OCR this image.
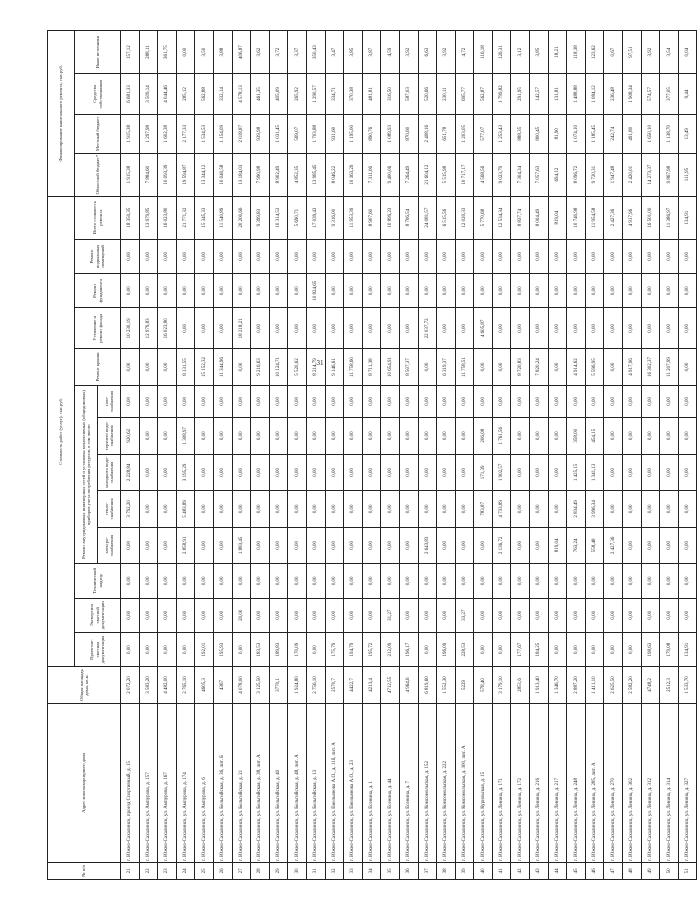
31
№ п/п	Адрес многоквартирного дома	Общая площадь дома, кв.м.	Стоимость работ (услуг), тыс.руб.													Финансирование капитального ремонта, тыс.руб.			
			Проектно-сметная документация	Экспертиза сметной документации	Технический надзор	Ремонт внутридомовых инженерных сетей и установка коллективных (общедомовых) приборов учета потребления ресурсов, в том числе:					Ремонт крыши	Утепление и ремонт фасада	Ремонт фундамента	Ремонт подвальных помещений	Всего стоимость ремонта	Областной бюджет*	Местный бюджет	Средства собственников	Иные источники
						электро-снабжения	тепло-снабжения	холодного водо-снабжения	горячего водо-снабжения	газо-снабжения									
21	г. Южно-Сахалинск, проезд Спортивный, д. 15	2 072,20	0,00	0,00	0,00	0,00	3 792,20	2 228,84	920,62	0,00	0,00	10 230,19	0,00	0,00	18 350,35	1 915,38	1 915,38	6 681,33	157,12
22	г. Южно-Сахалинск, ул. Ампурова, д. 157	3 583,20	0,00	0,00	0,00	0,00	0,00	0,00	0,00	0,00	0,00	12 979,83	0,00	0,00	13 979,85	7 884,60	1 297,98	3 509,14	288,11
23	г. Южно-Сахалинск, ул. Ампурова, д. 167	4 482,00	0,00	0,00	0,00	0,00	0,00	0,00	0,00	0,00	0,00	16 023,80	0,00	0,00	16 023,80	10 093,39	1 602,38	4 044,46	361,75
24	г. Южно-Сахалинск, ул. Ампурова, д. 174	2 765,10	0,00	0,00	0,00	2 858,91	5 483,89	3 195,29	1 308,97	0,00	8 131,55	0,00	0,00	0,00	21 771,32	19 594,87	2 177,33	285,12	0,00
25	г. Южно-Сахалинск, ул. Ампурова, д. 6	4605,3	192,01	0,00	0,00	0,00	0,00	0,00	0,00	0,00	15 152,32	0,00	0,00	0,00	15 345,33	13 344,12	1 534,53	562,88	3,50
26	г. Южно-Сахалинск, ул. Бельгийская, д. 36, лит. Б	4367	195,93	0,00	0,00	0,00	0,00	0,00	0,00	0,00	11 344,96	0,00	0,00	0,00	11 540,89	10 040,58	1 154,09	332,14	3,88
27	г. Южно-Сахалинск, ул. Бельгийская, д. 21	4 078,00	0,00	20,00	0,00	1 883,45	0,00	0,00	0,00	0,00	0,00	18 218,21	0,00	0,00	20 200,66	13 184,03	2 018,87	4 578,13	406,87
28	г. Южно-Сахалинск, ул. Бельгийская, д. 38, лит. А	3 125,50	183,53	0,00	0,00	0,00	0,00	0,00	0,00	0,00	9 216,63	0,00	0,00	0,00	9 399,83	7 990,98	939,98	461,35	3,62
29	г. Южно-Сахалинск, ул. Бельгийская, д. 40	3770,1	189,83	0,00	0,00	0,00	0,00	0,00	0,00	0,00	10 124,71	0,00	0,00	0,00	10 314,53	8 902,49	1 031,45	405,09	3,72
30	г. Южно-Сахалинск, ул. Бельгийская, д. 48, лит. А	1 924,80	170,09	0,00	0,00	0,00	0,00	0,00	0,00	0,00	5 520,62	0,00	0,00	0,00	5 690,71	4 852,35	569,07	265,92	3,37
31	г. Южно-Сахалинск, ул. Бельгийская, д. 13	2 756,10	0,00	0,00	0,00	0,00	0,00	0,00	0,00	0,00	8 214,79	0,00	10 824,65	0,00	17 039,43	13 985,45	1 703,88	1 290,57	350,43
32	г. Южно-Сахалинск, ул. Емельянова А.О., д. 11б, лит. А	2570,7	175,79	0,00	0,00	0,00	0,00	0,00	0,00	0,00	9 146,61	0,00	0,00	0,00	9 316,00	8 046,22	931,60	334,71	3,47
33	г. Южно-Сахалинск, ул. Емельянова А.О., д. 23	4422,7	194,79	0,00	0,00	0,00	0,00	0,00	0,00	0,00	11 758,60	0,00	0,00	0,00	11 953,39	10 363,29	1 195,00	370,38	3,85
34	г. Южно-Сахалинск, ул. Есенина, д. 1	4213,4	195,72	0,00	0,00	0,00	0,00	0,00	0,00	0,00	8 711,38	0,00	0,00	0,00	8 907,60	7 311,06	890,76	481,81	3,87
35	г. Южно-Сахалинск, ул. Есенина, д. 44	4712,55	212,09	31,27	0,00	0,00	0,00	0,00	0,00	0,00	10 654,91	0,00	0,00	0,00	10 899,23	9 400,06	1 089,93	316,50	4,59
36	г. Южно-Сахалинск, ул. Есенина, д. 7	4 964,6	196,17	0,00	0,00	0,00	0,00	0,00	0,00	0,00	8 507,37	0,00	0,00	0,00	8 706,54	7 264,49	870,60	587,03	3,92
37	г. Южно-Сахалинск, ул. Комсомольская, д. 152	6 819,60	0,00	0,00	0,00	2 643,83	0,00	0,00	0,00	0,00	0,00	22 037,72	0,00	0,00	24 081,57	21 604,12	2 408,16	520,66	6,63
38	г. Южно-Сахалинск, ул. Комсомольская, д. 222	1 552,30	196,09	0,00	0,00	0,00	0,00	0,00	0,00	0,00	6 319,37	0,00	0,00	0,00	6 515,56	5 515,98	651,78	230,11	3,92
39	г. Южно-Сахалинск, ул. Комсомольская, д. 300, лит. А	5229	228,53	33,27	0,00	0,00	0,00	0,00	0,00	0,00	11 758,51	0,00	0,00	0,00	12 020,33	10 717,17	1 203,05	695,77	4,72
40	г. Южно-Сахалинск, ул. Курильская, д. 15	578,40	0,00	0,00	0,00	0,00	783,87	171,39	206,08	0,00	0,00	4 605,87	0,00	0,00	5 770,68	4 568,56	577,07	562,87	116,18
41	г. Южно-Сахалинск, ул. Ленина, д. 171	3 179,10	0,00	0,00	0,00	2 136,72	4 733,89	1 902,57	1 761,56	0,00	0,00	0,00	0,00	0,00	12 534,34	9 023,79	1 253,43	1 799,82	126,31
42	г. Южно-Сахалинск, ул. Ленина, д. 172	2851,6	177,67	0,00	0,00	0,00	0,00	0,00	0,00	0,00	8 720,83	0,00	0,00	0,00	8 837,74	7 304,34	888,35	291,95	3,12
43	г. Южно-Сахалинск, ул. Ленина, д. 216	1 913,40	184,25	0,00	0,00	0,00	0,00	0,00	0,00	0,00	7 820,24	0,00	0,00	0,00	8 004,49	7 057,63	800,45	142,57	3,85
44	г. Южно-Сахалинск, ул. Ленина, д. 217	1 346,70	0,00	0,00	0,00	819,04	0,00	0,00	0,00	0,00	0,00	0,00	0,00	0,00	819,04	694,12	81,90	131,81	18,21
45	г. Южно-Сахалинск, ул. Ленина, д. 248	2 887,20	0,00	0,00	0,00	763,24	2 834,49	1 425,15	358,00	0,00	4 914,62	0,00	0,00	0,00	10 740,98	8 096,72	1 074,10	1 488,88	118,38
46	г. Южно-Сахалинск, ул. Ленина, д. 285, лит. А	1 411,10	0,00	0,00	0,00	558,48	3 996,34	1 341,13	454,15	0,00	5 596,95	0,00	0,00	0,00	11 954,58	9 720,31	1 185,45	1 084,12	123,62
47	г. Южно-Сахалинск, ул. Ленина, д. 270	2 625,50	0,00	0,00	0,00	2 427,36	0,00	0,00	0,00	0,00	0,00	0,00	0,00	0,00	2 427,36	1 947,48	242,74	236,48	0,67
48	г. Южно-Сахалинск, ул. Ленина, д. 302	2 582,20	0,00	0,00	0,00	0,00	0,00	0,00	0,00	0,00	4 917,96	0,00	0,00	0,00	4 917,96	2 420,01	491,80	1 908,34	97,51
49	г. Южно-Сахалинск, ул. Ленина, д. 312	4748,2	198,63	0,00	0,00	0,00	0,00	0,00	0,00	0,00	16 302,37	0,00	0,00	0,00	16 501,00	14 273,37	1 650,10	574,57	3,92
50	г. Южно-Сахалинск, ул. Ленина, д. 314	2512,3	179,08	0,00	0,00	0,00	0,00	0,00	0,00	0,00	11 207,99	0,00	0,00	0,00	11 386,97	9 867,98	1 138,70	377,05	3,54
51	г. Южно-Сахалинск, ул. Ленина, д. 327	1 533,70	134,91	0,00	0,00	0,00	0,00	0,00	0,00	0,00	0,00	0,00	0,00	0,00	134,91	111,95	13,49	9,44	0,04
